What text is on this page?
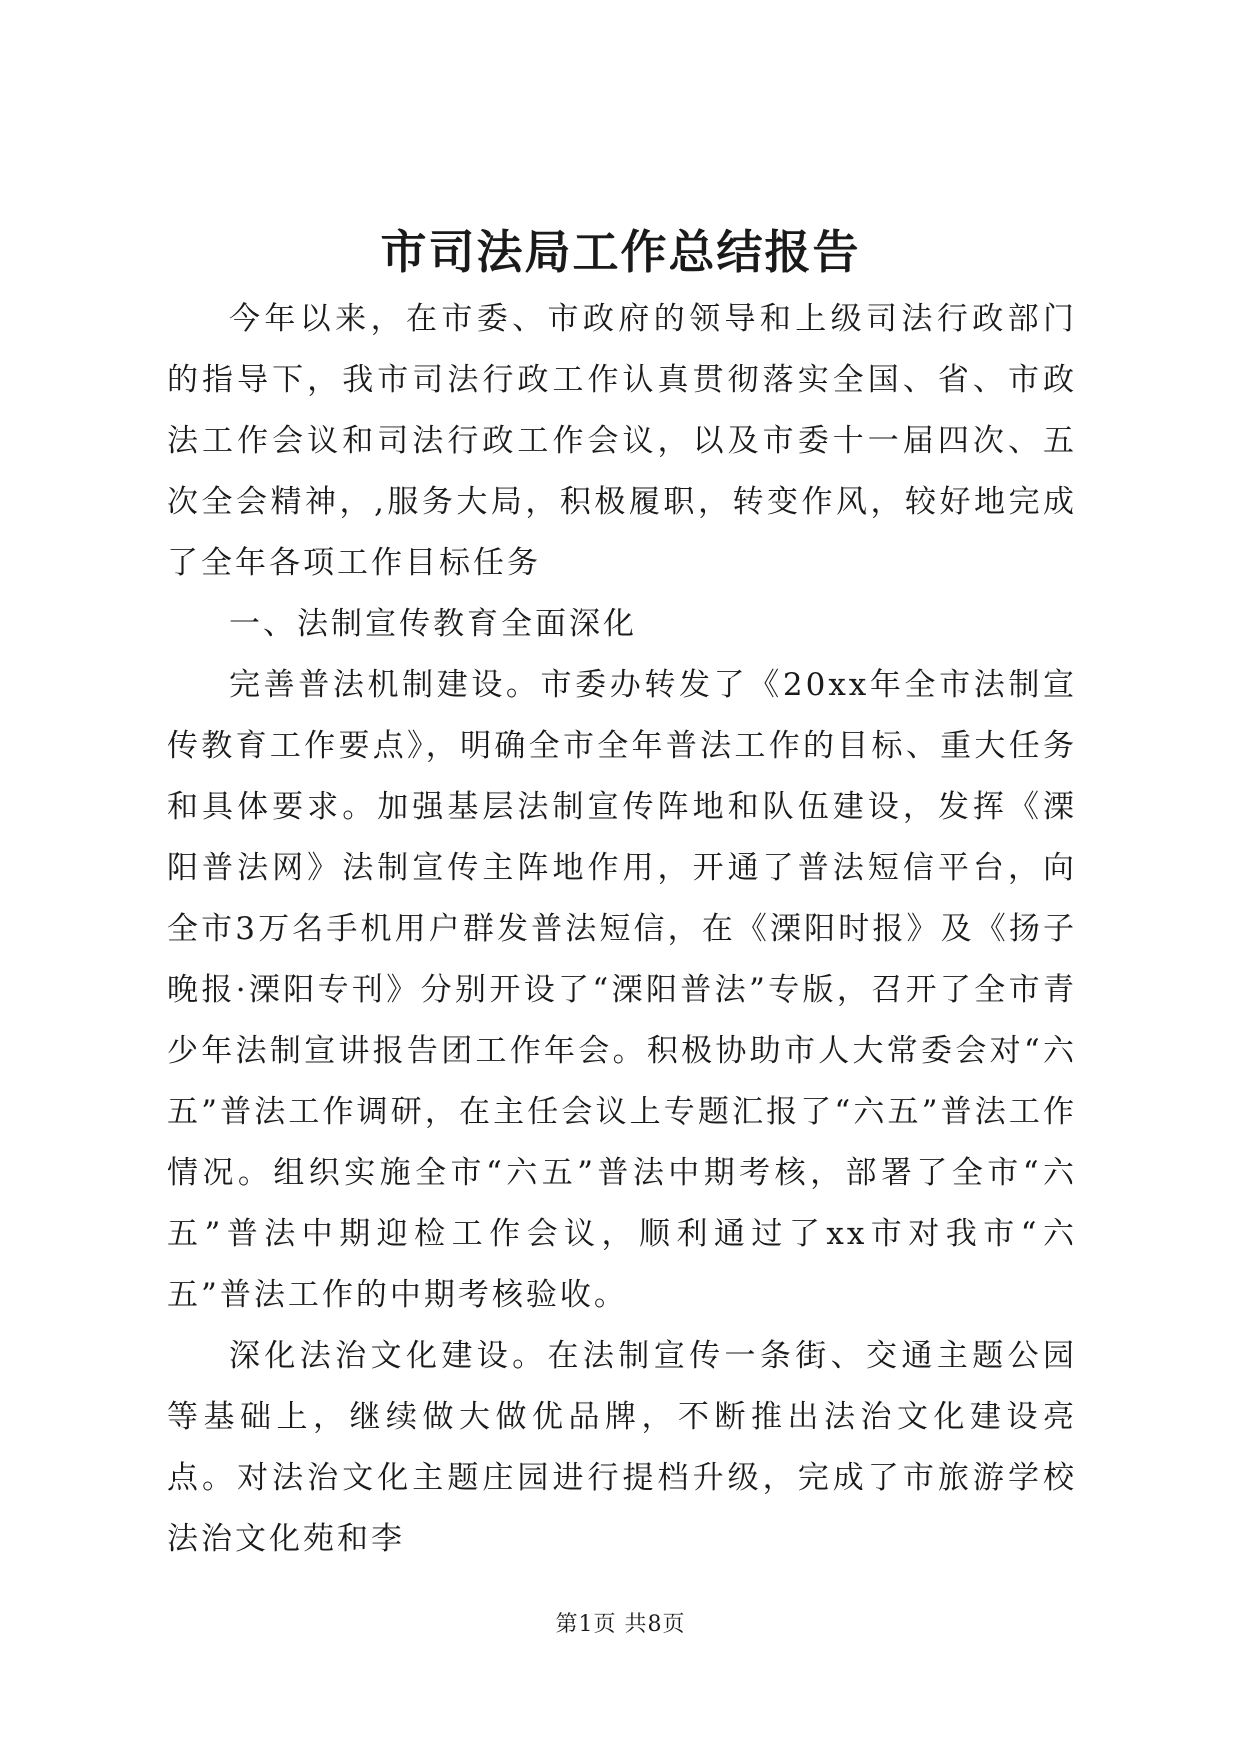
市司法局工作总结报告

今年以来，在市委、市政府的领导和上级司法行政部门的指导下，我市司法行政工作认真贯彻落实全国、省、市政法工作会议和司法行政工作会议，以及市委十一届四次、五次全会精神，,服务大局，积极履职，转变作风，较好地完成了全年各项工作目标任务

一、法制宣传教育全面深化

完善普法机制建设。市委办转发了《20xx年全市法制宣传教育工作要点》，明确全市全年普法工作的目标、重大任务和具体要求。加强基层法制宣传阵地和队伍建设，发挥《溧阳普法网》法制宣传主阵地作用，开通了普法短信平台，向全市3万名手机用户群发普法短信，在《溧阳时报》及《扬子晚报·溧阳专刊》分别开设了“溧阳普法”专版，召开了全市青少年法制宣讲报告团工作年会。积极协助市人大常委会对“六五”普法工作调研，在主任会议上专题汇报了“六五”普法工作情况。组织实施全市“六五”普法中期考核，部署了全市“六五”普法中期迎检工作会议，顺利通过了xx市对我市“六五”普法工作的中期考核验收。

深化法治文化建设。在法制宣传一条街、交通主题公园等基础上，继续做大做优品牌，不断推出法治文化建设亮点。对法治文化主题庄园进行提档升级，完成了市旅游学校法治文化苑和李

第1页 共8页
